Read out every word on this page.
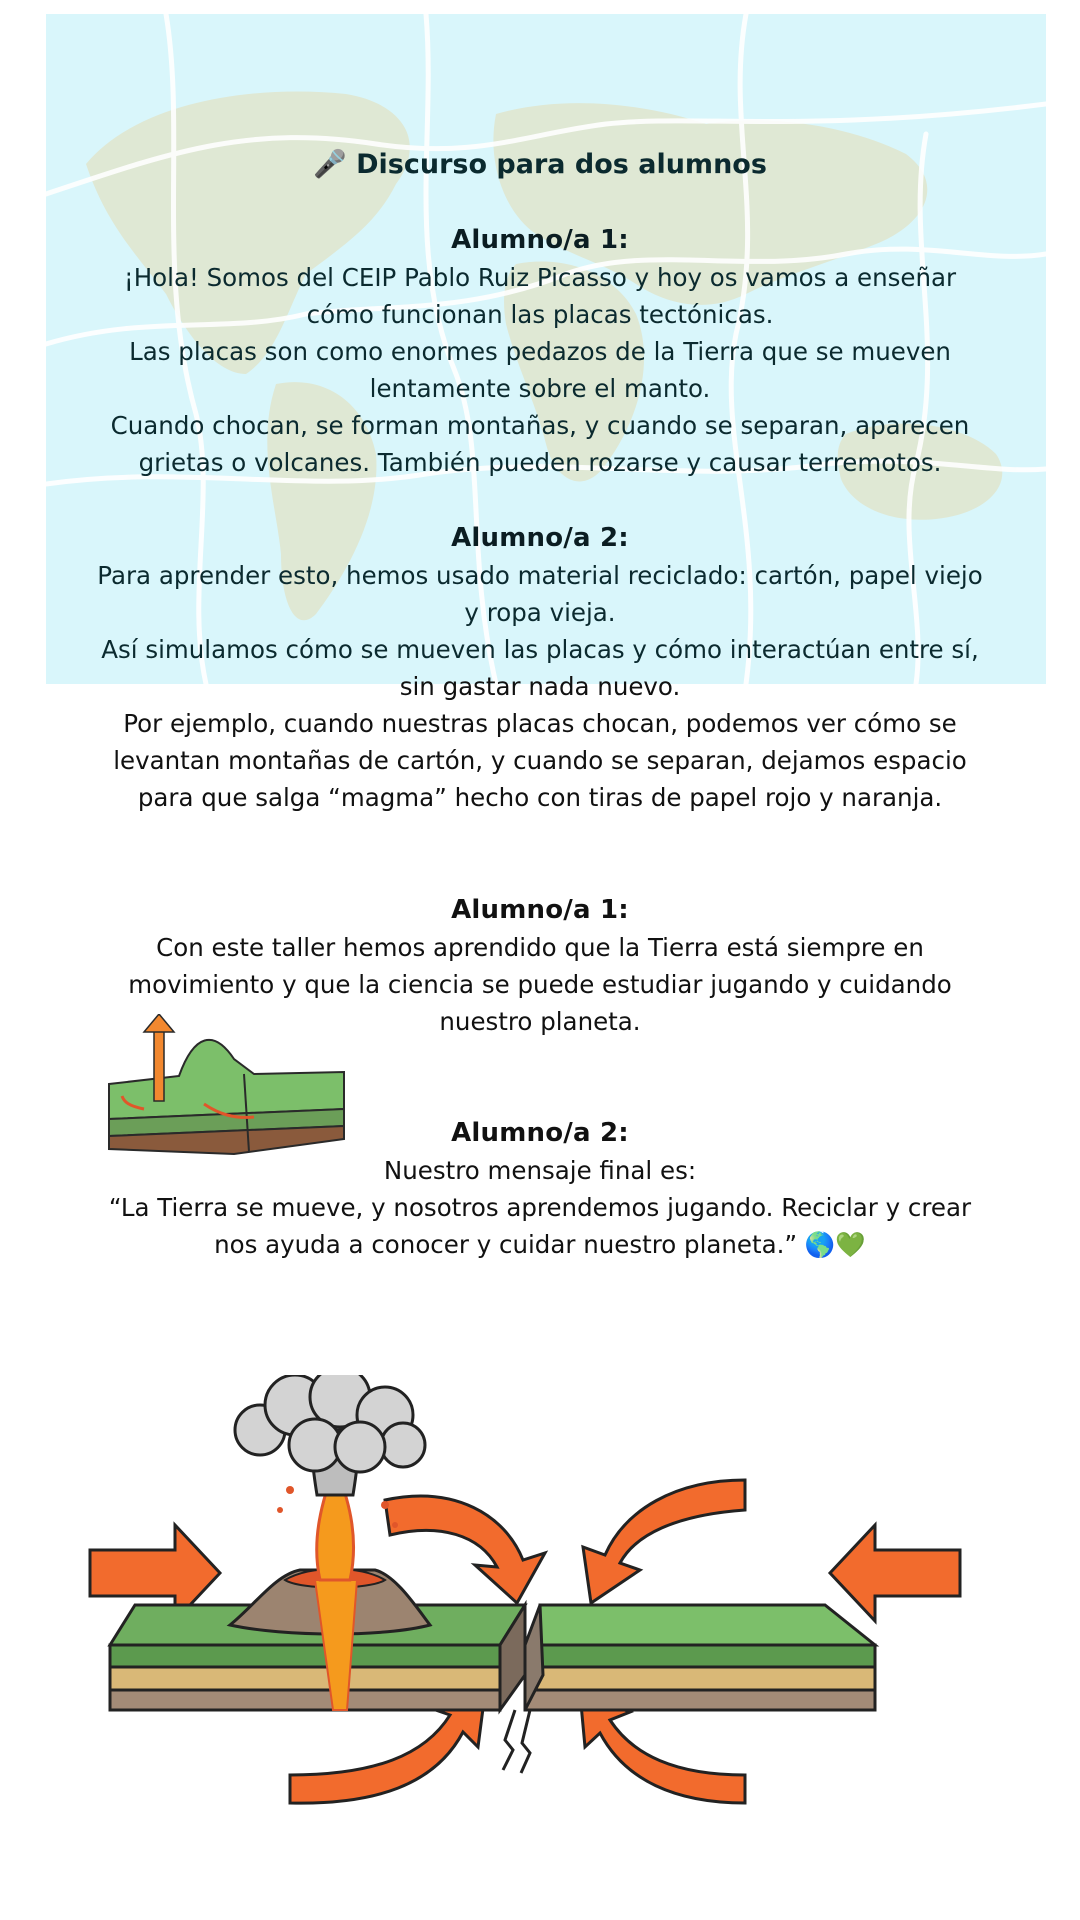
🎤 Discurso para dos alumnos
Alumno/a 1:
¡Hola! Somos del CEIP Pablo Ruiz Picasso y hoy os vamos a enseñar
cómo funcionan las placas tectónicas.
Las placas son como enormes pedazos de la Tierra que se mueven
lentamente sobre el manto.
Cuando chocan, se forman montañas, y cuando se separan, aparecen
grietas o volcanes. También pueden rozarse y causar terremotos.
Alumno/a 2:
Para aprender esto, hemos usado material reciclado: cartón, papel viejo
y ropa vieja.
Así simulamos cómo se mueven las placas y cómo interactúan entre sí,
sin gastar nada nuevo.
Por ejemplo, cuando nuestras placas chocan, podemos ver cómo se
levantan montañas de cartón, y cuando se separan, dejamos espacio
para que salga “magma” hecho con tiras de papel rojo y naranja.
Alumno/a 1:
Con este taller hemos aprendido que la Tierra está siempre en
movimiento y que la ciencia se puede estudiar jugando y cuidando
nuestro planeta.
Alumno/a 2:
Nuestro mensaje final es:
“La Tierra se mueve, y nosotros aprendemos jugando. Reciclar y crear
nos ayuda a conocer y cuidar nuestro planeta.” 🌎💚
